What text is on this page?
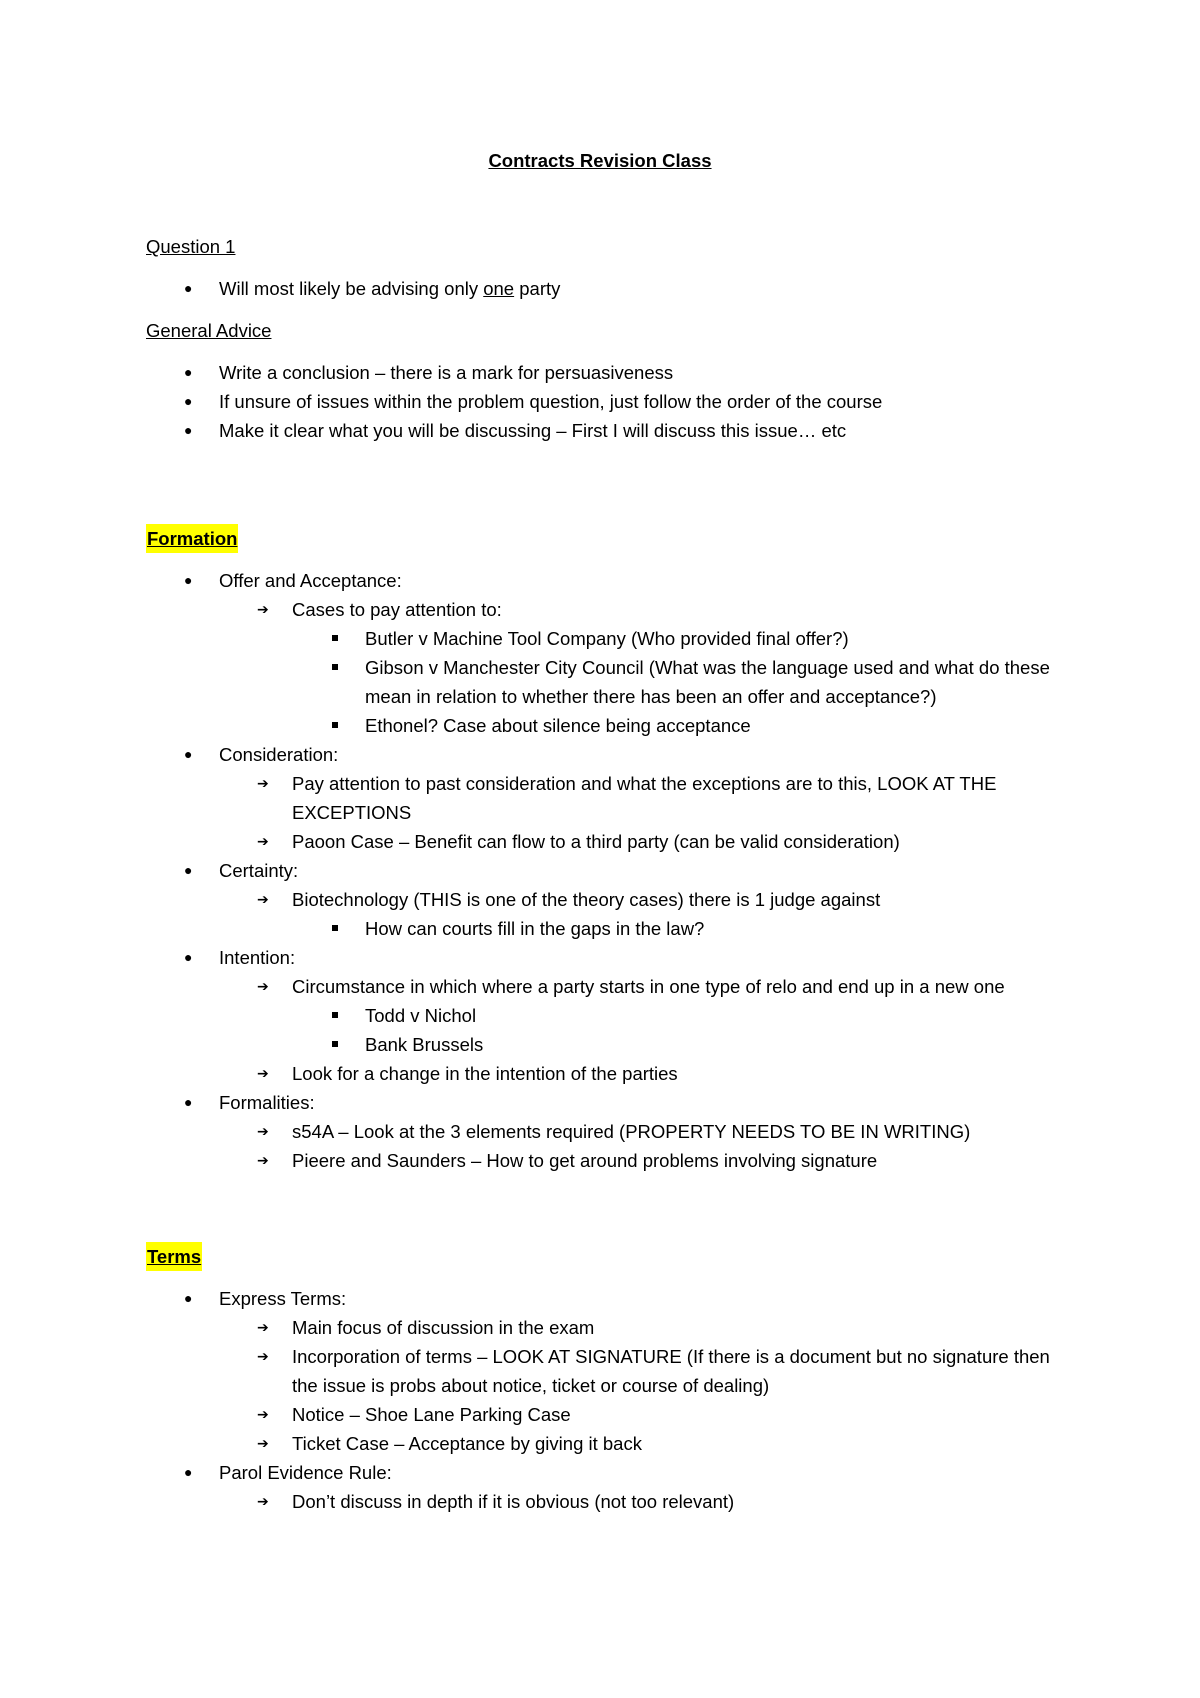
Contracts Revision Class

Question 1

● Will most likely be advising only one party

General Advice

● Write a conclusion – there is a mark for persuasiveness
● If unsure of issues within the problem question, just follow the order of the course
● Make it clear what you will be discussing – First I will discuss this issue… etc

Formation

● Offer and Acceptance:
➔ Cases to pay attention to:
Butler v Machine Tool Company (Who provided final offer?)
Gibson v Manchester City Council (What was the language used and what do these mean in relation to whether there has been an offer and acceptance?)
Ethonel? Case about silence being acceptance
● Consideration:
➔ Pay attention to past consideration and what the exceptions are to this, LOOK AT THE EXCEPTIONS
➔ Paoon Case – Benefit can flow to a third party (can be valid consideration)
● Certainty:
➔ Biotechnology (THIS is one of the theory cases) there is 1 judge against
How can courts fill in the gaps in the law?
● Intention:
➔ Circumstance in which where a party starts in one type of relo and end up in a new one
Todd v Nichol
Bank Brussels
➔ Look for a change in the intention of the parties
● Formalities:
➔ s54A – Look at the 3 elements required (PROPERTY NEEDS TO BE IN WRITING)
➔ Pieere and Saunders – How to get around problems involving signature

Terms

● Express Terms:
➔ Main focus of discussion in the exam
➔ Incorporation of terms – LOOK AT SIGNATURE (If there is a document but no signature then the issue is probs about notice, ticket or course of dealing)
➔ Notice – Shoe Lane Parking Case
➔ Ticket Case – Acceptance by giving it back
● Parol Evidence Rule:
➔ Don’t discuss in depth if it is obvious (not too relevant)
